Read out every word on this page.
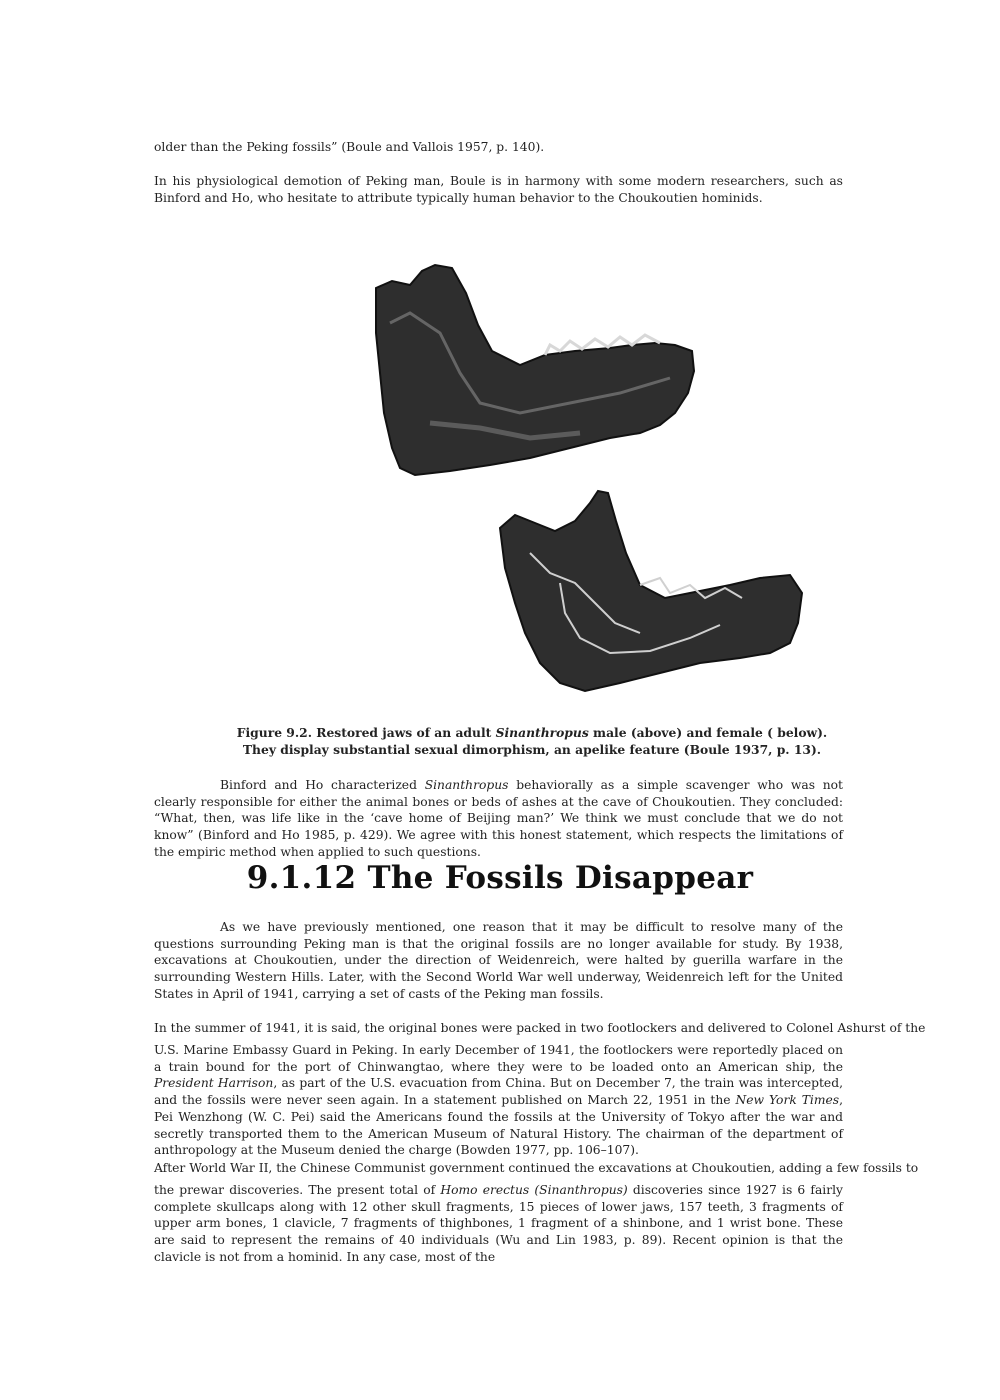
older than the Peking fossils” (Boule and Vallois 1957, p. 140).

In his physiological demotion of Peking man, Boule is in harmony with some modern researchers, such as Binford and Ho, who hesitate to attribute typically human behavior to the Choukoutien hominids.

Figure 9.2. Restored jaws of an adult Sinanthropus male (above) and female ( below). They display substantial sexual dimorphism, an apelike feature (Boule 1937, p. 13).

Binford and Ho characterized Sinanthropus behaviorally as a simple scavenger who was not clearly responsible for either the animal bones or beds of ashes at the cave of Choukoutien. They concluded: “What, then, was life like in the ‘cave home of Beijing man?’ We think we must conclude that we do not know” (Binford and Ho 1985, p. 429). We agree with this honest statement, which respects the limitations of the empiric method when applied to such questions.

9.1.12 The Fossils Disappear

As we have previously mentioned, one reason that it may be difficult to resolve many of the questions surrounding Peking man is that the original fossils are no longer available for study. By 1938, excavations at Choukoutien, under the direction of Weidenreich, were halted by guerilla warfare in the surrounding Western Hills. Later, with the Second World War well underway, Weidenreich left for the United States in April of 1941, carrying a set of casts of the Peking man fossils.

In the summer of 1941, it is said, the original bones were packed in two footlockers and delivered to Colonel Ashurst of the

U.S. Marine Embassy Guard in Peking. In early December of 1941, the footlockers were reportedly placed on a train bound for the port of Chinwangtao, where they were to be loaded onto an American ship, the President Harrison, as part of the U.S. evacuation from China. But on December 7, the train was intercepted, and the fossils were never seen again. In a statement published on March 22, 1951 in the New York Times, Pei Wenzhong (W. C. Pei) said the Americans found the fossils at the University of Tokyo after the war and secretly transported them to the American Museum of Natural History. The chairman of the department of anthropology at the Museum denied the charge (Bowden 1977, pp. 106–107).

After World War II, the Chinese Communist government continued the excavations at Choukoutien, adding a few fossils to

the prewar discoveries. The present total of Homo erectus (Sinanthropus) discoveries since 1927 is 6 fairly complete skullcaps along with 12 other skull fragments, 15 pieces of lower jaws, 157 teeth, 3 fragments of upper arm bones, 1 clavicle, 7 fragments of thighbones, 1 fragment of a shinbone, and 1 wrist bone. These are said to represent the remains of 40 individuals (Wu and Lin 1983, p. 89). Recent opinion is that the clavicle is not from a hominid. In any case, most of the
